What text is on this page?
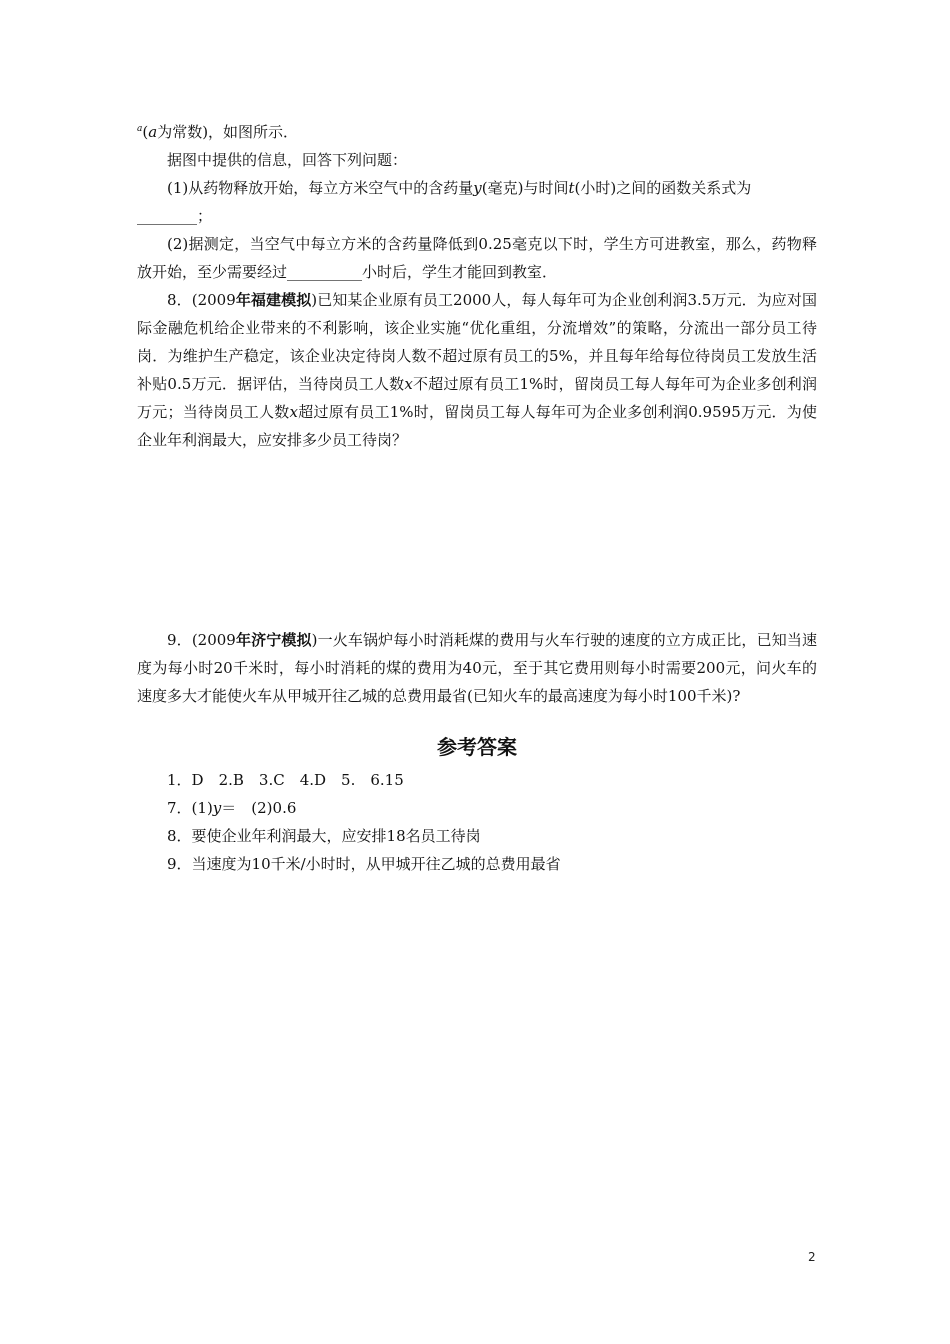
$^a$(a为常数)，如图所示．

据图中提供的信息，回答下列问题：

(1)从药物释放开始，每立方米空气中的含药量y(毫克)与时间t(小时)之间的函数关系式为
________；

(2)据测定，当空气中每立方米的含药量降低到0.25毫克以下时，学生方可进教室，那么，药物释放开始，至少需要经过__________小时后，学生才能回到教室．

8．(2009年福建模拟)已知某企业原有员工2000人，每人每年可为企业创利润3.5万元．为应对国际金融危机给企业带来的不利影响，该企业实施“优化重组，分流增效”的策略，分流出一部分员工待岗．为维护生产稳定，该企业决定待岗人数不超过原有员工的5%，并且每年给每位待岗员工发放生活补贴0.5万元．据评估，当待岗员工人数x不超过原有员工1%时，留岗员工每人每年可为企业多创利润万元；当待岗员工人数x超过原有员工1%时，留岗员工每人每年可为企业多创利润0.9595万元．为使企业年利润最大，应安排多少员工待岗？

9．(2009年济宁模拟)一火车锅炉每小时消耗煤的费用与火车行驶的速度的立方成正比，已知当速度为每小时20千米时，每小时消耗的煤的费用为40元，至于其它费用则每小时需要200元，问火车的速度多大才能使火车从甲城开往乙城的总费用最省(已知火车的最高速度为每小时100千米)?

参考答案
1．D　2.B　3.C　4.D　5.　6.15
7．(1)y＝　(2)0.6
8．要使企业年利润最大，应安排18名员工待岗
9．当速度为10千米/小时时，从甲城开往乙城的总费用最省
2
